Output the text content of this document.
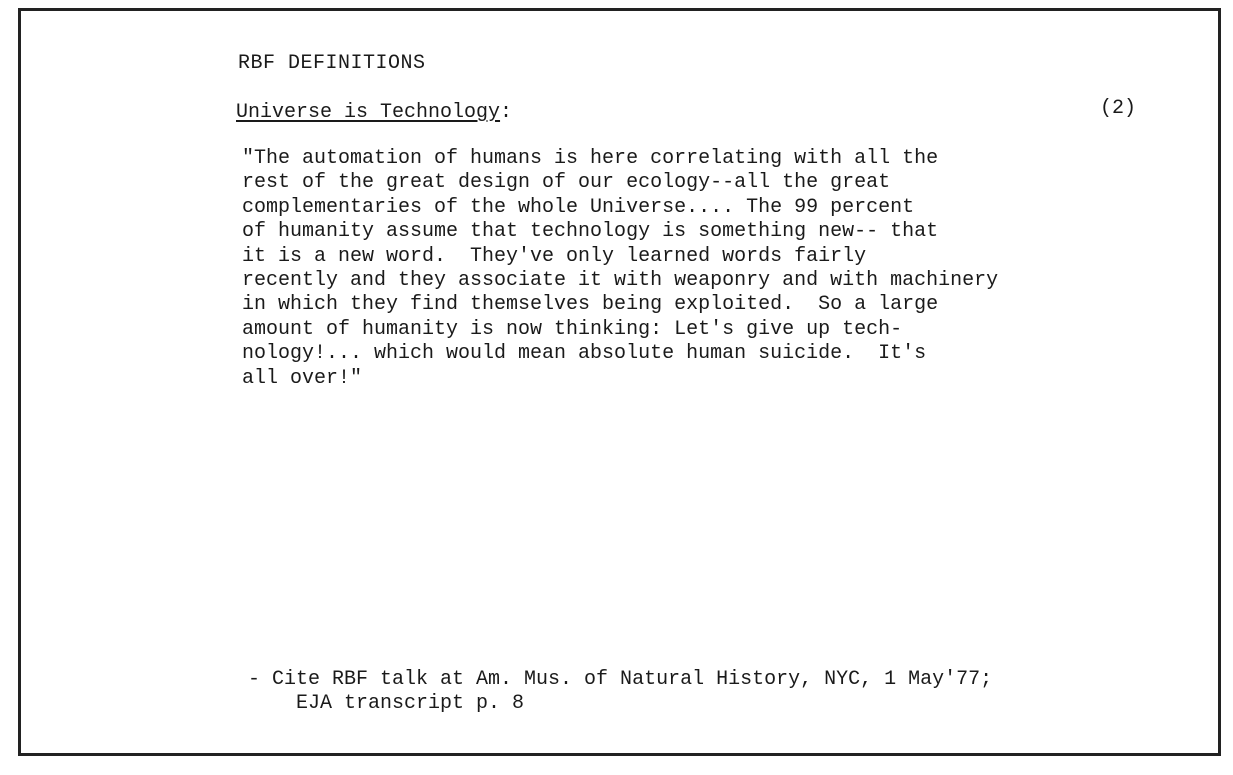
RBF DEFINITIONS
Universe is Technology:	(2)
"The automation of humans is here correlating with all the
rest of the great design of our ecology--all the great
complementaries of the whole Universe.... The 99 percent
of humanity assume that technology is something new-- that
it is a new word.  They've only learned words fairly
recently and they associate it with weaponry and with machinery
in which they find themselves being exploited.  So a large
amount of humanity is now thinking: Let's give up tech-
nology!... which would mean absolute human suicide.  It's
all over!"
- Cite RBF talk at Am. Mus. of Natural History, NYC, 1 May'77;
EJA transcript p. 8
